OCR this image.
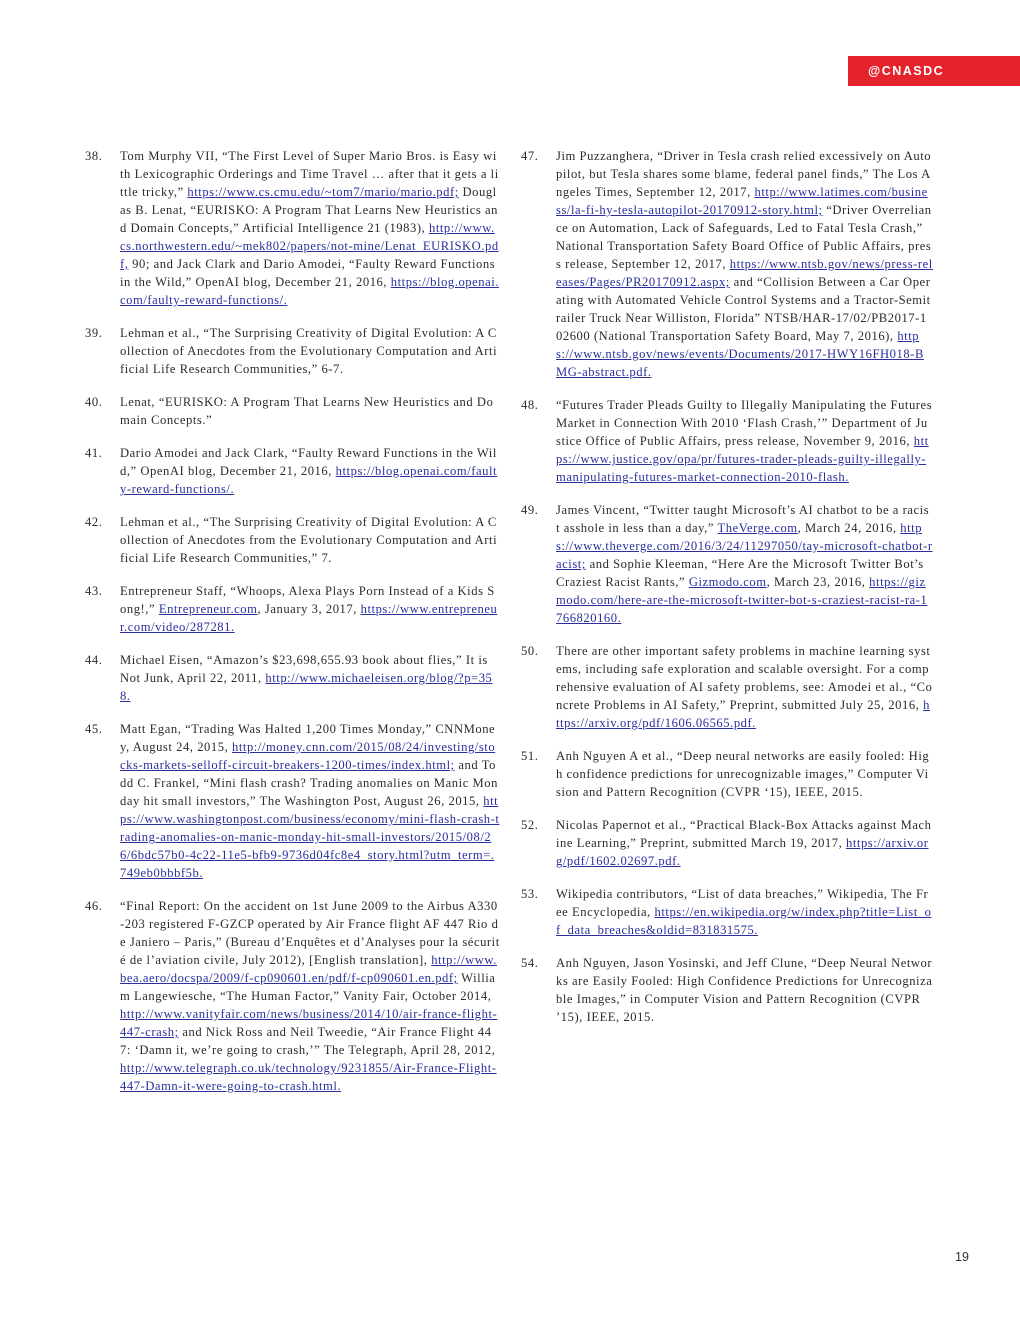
@CNASDC
38.	Tom Murphy VII, “The First Level of Super Mario Bros. is Easy with Lexicographic Orderings and Time Travel … after that it gets a little tricky,” https://www.cs.cmu.edu/~tom7/mario/mario.pdf; Douglas B. Lenat, “EURISKO: A Program That Learns New Heuristics and Domain Concepts,” Artificial Intelligence 21 (1983), http://www.cs.northwestern.edu/~mek802/papers/not-mine/Lenat_EURISKO.pdf, 90; and Jack Clark and Dario Amodei, “Faulty Reward Functions in the Wild,” OpenAI blog, December 21, 2016, https://blog.openai.com/faulty-reward-functions/.
39.	Lehman et al., “The Surprising Creativity of Digital Evolution: A Collection of Anecdotes from the Evolutionary Computation and Artificial Life Research Communities,” 6-7.
40.	Lenat, “EURISKO: A Program That Learns New Heuristics and Domain Concepts.”
41.	Dario Amodei and Jack Clark, “Faulty Reward Functions in the Wild,” OpenAI blog, December 21, 2016, https://blog.openai.com/faulty-reward-functions/.
42.	Lehman et al., “The Surprising Creativity of Digital Evolution: A Collection of Anecdotes from the Evolutionary Computation and Artificial Life Research Communities,” 7.
43.	Entrepreneur Staff, “Whoops, Alexa Plays Porn Instead of a Kids Song!,” Entrepreneur.com, January 3, 2017, https://www.entrepreneur.com/video/287281.
44.	Michael Eisen, “Amazon’s $23,698,655.93 book about flies,” It is Not Junk, April 22, 2011, http://www.michaeleisen.org/blog/?p=358.
45.	Matt Egan, “Trading Was Halted 1,200 Times Monday,” CNNMoney, August 24, 2015, http://money.cnn.com/2015/08/24/investing/stocks-markets-selloff-circuit-breakers-1200-times/index.html; and Todd C. Frankel, “Mini flash crash? Trading anomalies on Manic Monday hit small investors,” The Washington Post, August 26, 2015, https://www.washingtonpost.com/business/economy/mini-flash-crash-trading-anomalies-on-manic-monday-hit-small-investors/2015/08/26/6bdc57b0-4c22-11e5-bfb9-9736d04fc8e4_story.html?utm_term=.749eb0bbbf5b.
46.	“Final Report: On the accident on 1st June 2009 to the Airbus A330-203 registered F-GZCP operated by Air France flight AF 447 Rio de Janiero – Paris,” (Bureau d’Enquêtes et d’Analyses pour la sécurité de l’aviation civile, July 2012), [English translation], http://www.bea.aero/docspa/2009/f-cp090601.en/pdf/f-cp090601.en.pdf; William Langewiesche, “The Human Factor,” Vanity Fair, October 2014, http://www.vanityfair.com/news/business/2014/10/air-france-flight-447-crash; and Nick Ross and Neil Tweedie, “Air France Flight 447: ‘Damn it, we’re going to crash,’” The Telegraph, April 28, 2012, http://www.telegraph.co.uk/technology/9231855/Air-France-Flight-447-Damn-it-were-going-to-crash.html.
47.	Jim Puzzanghera, “Driver in Tesla crash relied excessively on Autopilot, but Tesla shares some blame, federal panel finds,” The Los Angeles Times, September 12, 2017, http://www.latimes.com/business/la-fi-hy-tesla-autopilot-20170912-story.html; “Driver Overreliance on Automation, Lack of Safeguards, Led to Fatal Tesla Crash,” National Transportation Safety Board Office of Public Affairs, press release, September 12, 2017, https://www.ntsb.gov/news/press-releases/Pages/PR20170912.aspx; and “Collision Between a Car Operating with Automated Vehicle Control Systems and a Tractor-Semitrailer Truck Near Williston, Florida” NTSB/HAR-17/02/PB2017-102600 (National Transportation Safety Board, May 7, 2016), https://www.ntsb.gov/news/events/Documents/2017-HWY16FH018-BMG-abstract.pdf.
48.	“Futures Trader Pleads Guilty to Illegally Manipulating the Futures Market in Connection With 2010 ‘Flash Crash,’” Department of Justice Office of Public Affairs, press release, November 9, 2016, https://www.justice.gov/opa/pr/futures-trader-pleads-guilty-illegally-manipulating-futures-market-connection-2010-flash.
49.	James Vincent, “Twitter taught Microsoft’s AI chatbot to be a racist asshole in less than a day,” TheVerge.com, March 24, 2016, https://www.theverge.com/2016/3/24/11297050/tay-microsoft-chatbot-racist; and Sophie Kleeman, “Here Are the Microsoft Twitter Bot’s Craziest Racist Rants,” Gizmodo.com, March 23, 2016, https://gizmodo.com/here-are-the-microsoft-twitter-bot-s-craziest-racist-ra-1766820160.
50.	There are other important safety problems in machine learning systems, including safe exploration and scalable oversight. For a comprehensive evaluation of AI safety problems, see: Amodei et al., “Concrete Problems in AI Safety,” Preprint, submitted July 25, 2016, https://arxiv.org/pdf/1606.06565.pdf.
51.	Anh Nguyen A et al., “Deep neural networks are easily fooled: High confidence predictions for unrecognizable images,” Computer Vision and Pattern Recognition (CVPR ‘15), IEEE, 2015.
52.	Nicolas Papernot et al., “Practical Black-Box Attacks against Machine Learning,” Preprint, submitted March 19, 2017, https://arxiv.org/pdf/1602.02697.pdf.
53.	Wikipedia contributors, “List of data breaches,” Wikipedia, The Free Encyclopedia, https://en.wikipedia.org/w/index.php?title=List_of_data_breaches&oldid=831831575.
54.	Anh Nguyen, Jason Yosinski, and Jeff Clune, “Deep Neural Networks are Easily Fooled: High Confidence Predictions for Unrecognizable Images,” in Computer Vision and Pattern Recognition (CVPR ’15), IEEE, 2015.
19
